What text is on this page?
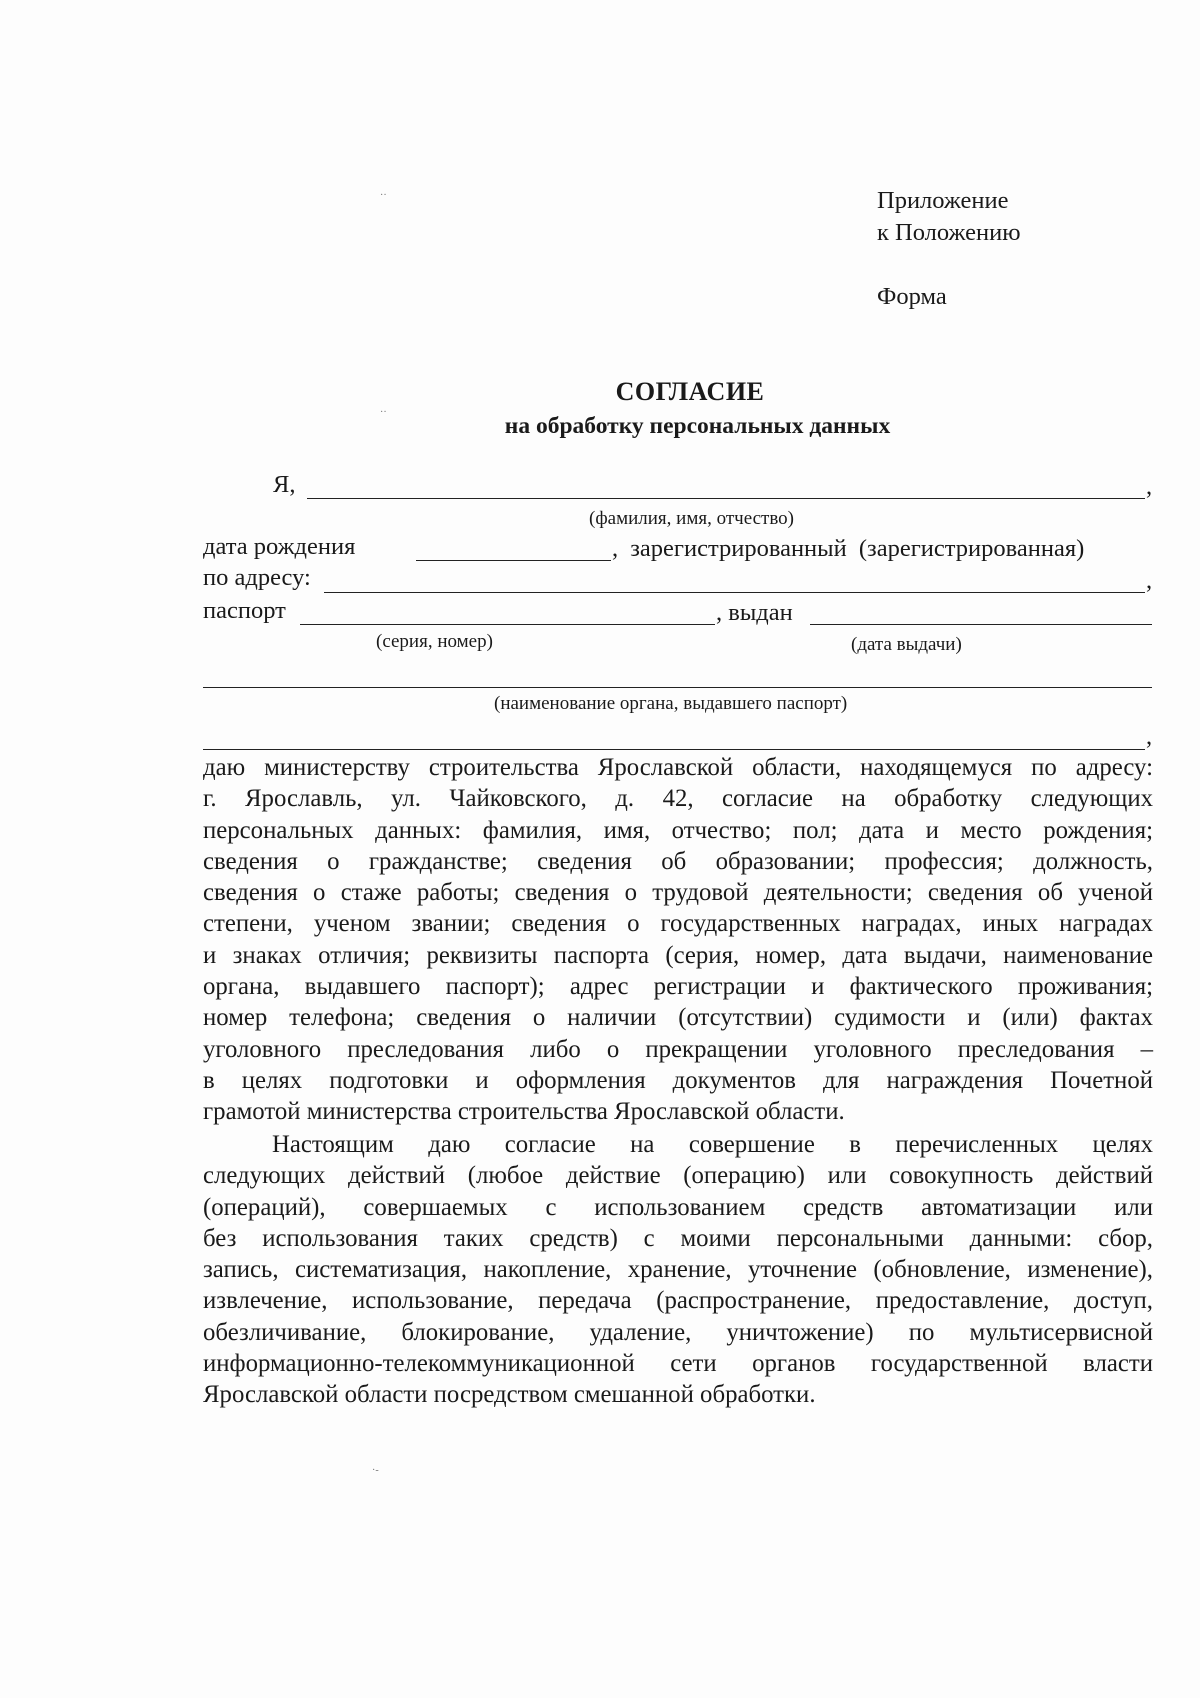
Приложение
к Положению
Форма
СОГЛАСИЕ
на обработку персональных данных
Я,	,
(фамилия, имя, отчество)
дата рождения	, зарегистрированный (зарегистрированная)
по адресу:	,
паспорт	, выдан
(серия, номер)	(дата выдачи)
(наименование органа, выдавшего паспорт)
,
даю министерству строительства Ярославской области, находящемуся по адресу:
г. Ярославль, ул. Чайковского, д. 42, согласие на обработку следующих
персональных данных: фамилия, имя, отчество; пол; дата и место рождения;
сведения о гражданстве; сведения об образовании; профессия; должность,
сведения о стаже работы; сведения о трудовой деятельности; сведения об ученой
степени, ученом звании; сведения о государственных наградах, иных наградах
и знаках отличия; реквизиты паспорта (серия, номер, дата выдачи, наименование
органа, выдавшего паспорт); адрес регистрации и фактического проживания;
номер телефона; сведения о наличии (отсутствии) судимости и (или) фактах
уголовного преследования либо о прекращении уголовного преследования –
в целях подготовки и оформления документов для награждения Почетной
грамотой министерства строительства Ярославской области.
Настоящим даю согласие на совершение в перечисленных целях
следующих действий (любое действие (операцию) или совокупность действий
(операций), совершаемых с использованием средств автоматизации или
без использования таких средств) с моими персональными данными: сбор,
запись, систематизация, накопление, хранение, уточнение (обновление, изменение),
извлечение, использование, передача (распространение, предоставление, доступ,
обезличивание, блокирование, удаление, уничтожение) по мультисервисной
информационно-телекоммуникационной сети органов государственной власти
Ярославской области посредством смешанной обработки.
··
··
·-
